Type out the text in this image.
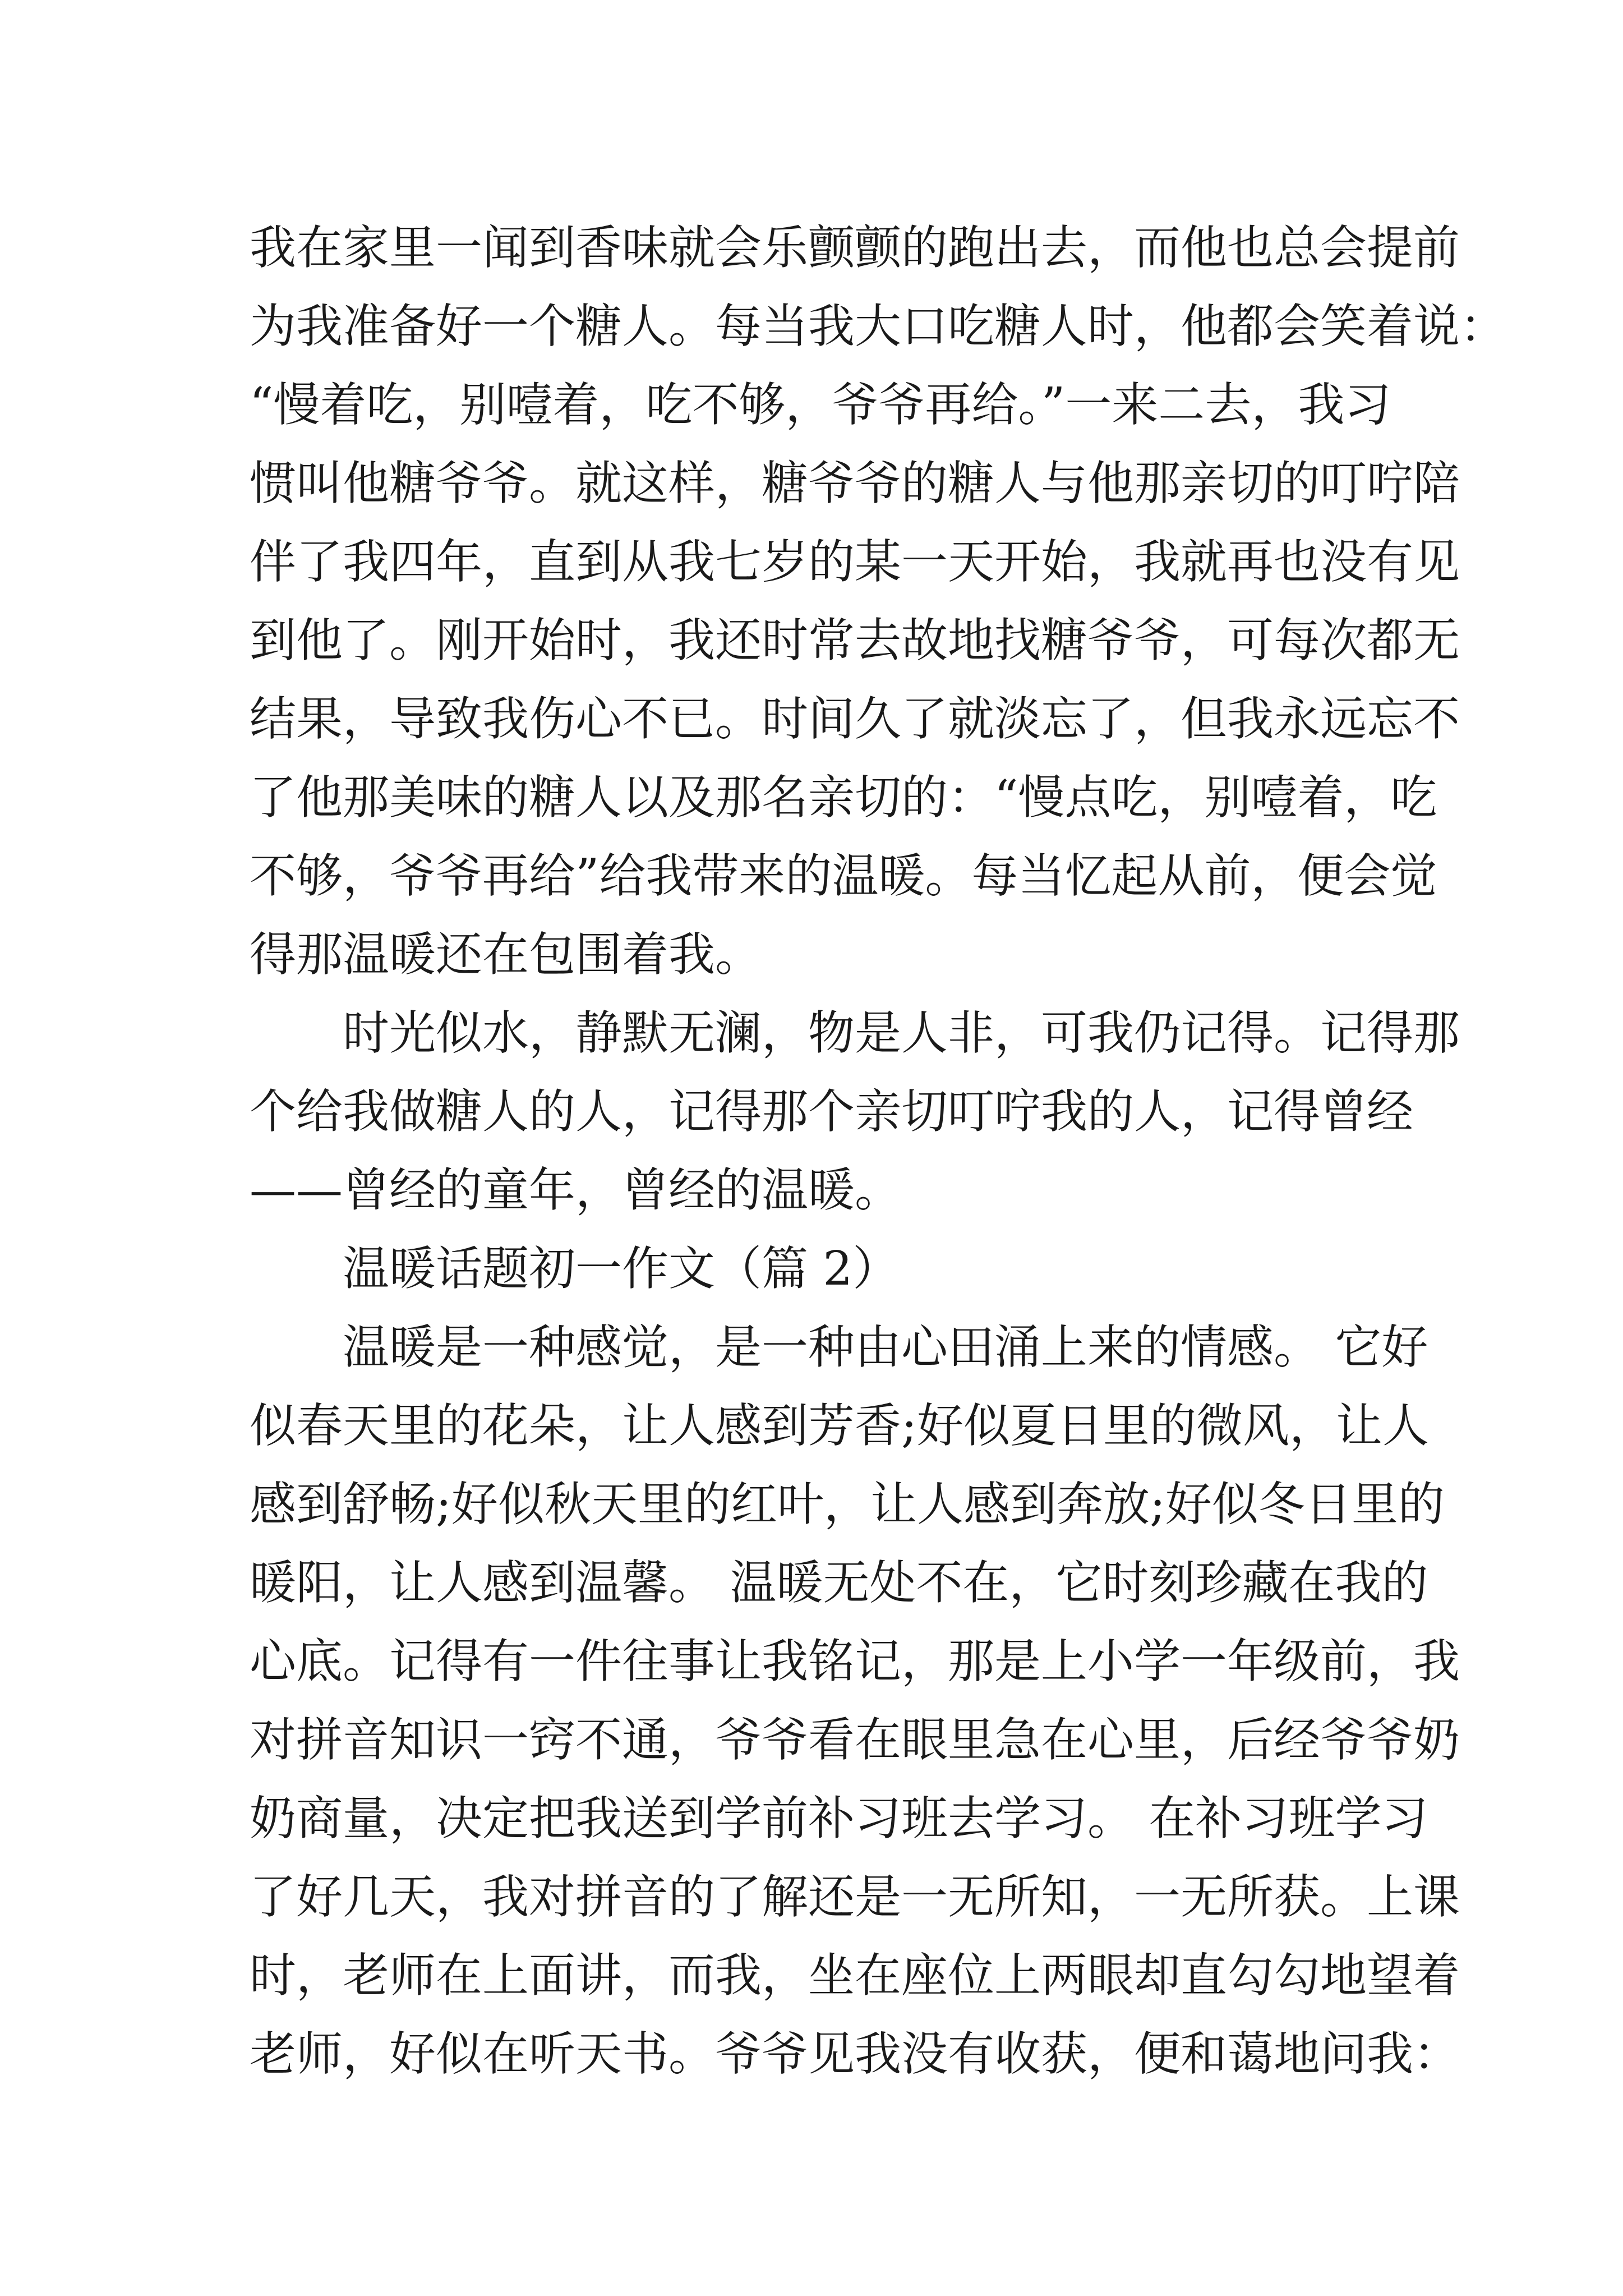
我在家里一闻到香味就会乐颤颤的跑出去，而他也总会提前
为我准备好一个糖人。每当我大口吃糖人时，他都会笑着说：
“慢着吃，别噎着，吃不够，爷爷再给。”一来二去，我习
惯叫他糖爷爷。就这样，糖爷爷的糖人与他那亲切的叮咛陪
伴了我四年，直到从我七岁的某一天开始，我就再也没有见
到他了。刚开始时，我还时常去故地找糖爷爷，可每次都无
结果，导致我伤心不已。时间久了就淡忘了，但我永远忘不
了他那美味的糖人以及那名亲切的：“慢点吃，别噎着，吃
不够，爷爷再给”给我带来的温暖。每当忆起从前，便会觉
得那温暖还在包围着我。
时光似水，静默无澜，物是人非，可我仍记得。记得那
个给我做糖人的人，记得那个亲切叮咛我的人，记得曾经
——曾经的童年，曾经的温暖。
温暖话题初一作文（篇 2）
温暖是一种感觉，是一种由心田涌上来的情感。 它好
似春天里的花朵，让人感到芳香;好似夏日里的微风，让人
感到舒畅;好似秋天里的红叶，让人感到奔放;好似冬日里的
暖阳，让人感到温馨。 温暖无处不在，它时刻珍藏在我的
心底。记得有一件往事让我铭记，那是上小学一年级前，我
对拼音知识一窍不通，爷爷看在眼里急在心里，后经爷爷奶
奶商量，决定把我送到学前补习班去学习。 在补习班学习
了好几天，我对拼音的了解还是一无所知，一无所获。上课
时，老师在上面讲，而我，坐在座位上两眼却直勾勾地望着
老师，好似在听天书。爷爷见我没有收获，便和蔼地问我：
